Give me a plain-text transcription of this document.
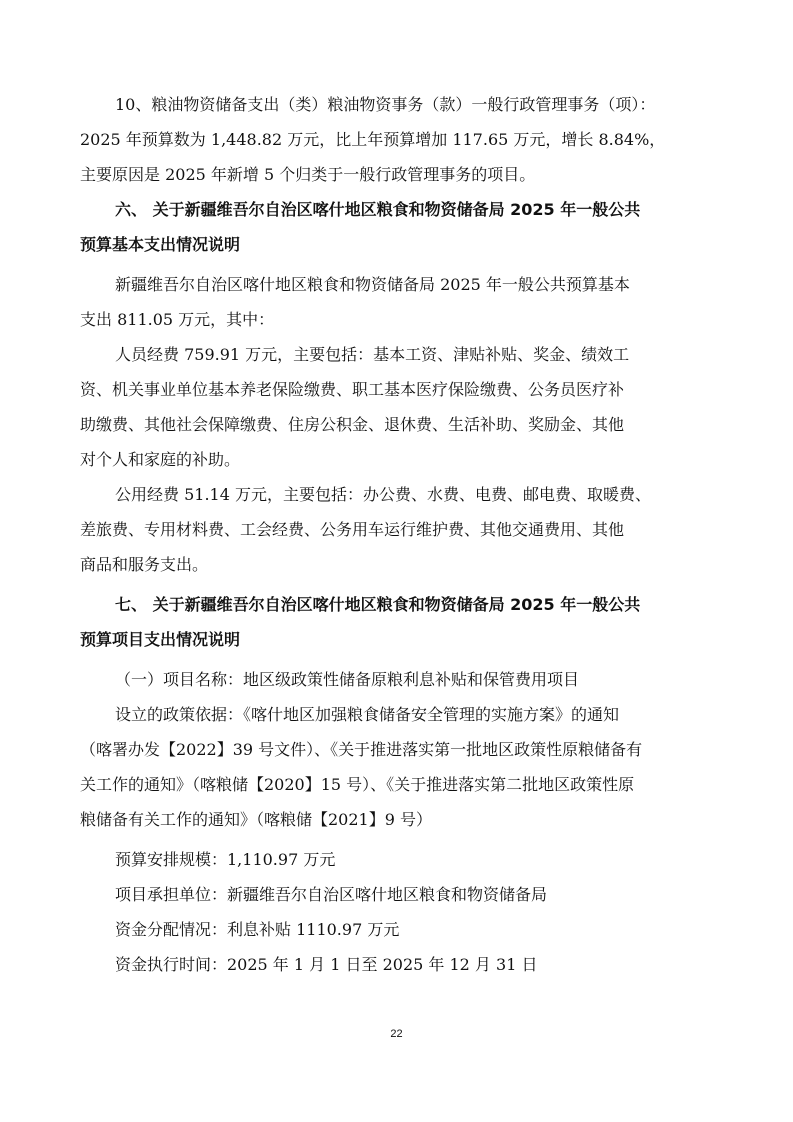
10、粮油物资储备支出（类）粮油物资事务（款）一般行政管理事务（项）：
2025 年预算数为 1,448.82 万元，比上年预算增加 117.65 万元，增长 8.84%，
主要原因是 2025 年新增 5 个归类于一般行政管理事务的项目。
六、 关于新疆维吾尔自治区喀什地区粮食和物资储备局 2025 年一般公共
预算基本支出情况说明
新疆维吾尔自治区喀什地区粮食和物资储备局 2025 年一般公共预算基本
支出 811.05 万元，其中：
人员经费 759.91 万元，主要包括：基本工资、津贴补贴、奖金、绩效工
资、机关事业单位基本养老保险缴费、职工基本医疗保险缴费、公务员医疗补
助缴费、其他社会保障缴费、住房公积金、退休费、生活补助、奖励金、其他
对个人和家庭的补助。
公用经费 51.14 万元，主要包括：办公费、水费、电费、邮电费、取暖费、
差旅费、专用材料费、工会经费、公务用车运行维护费、其他交通费用、其他
商品和服务支出。
七、 关于新疆维吾尔自治区喀什地区粮食和物资储备局 2025 年一般公共
预算项目支出情况说明
（一）项目名称：地区级政策性储备原粮利息补贴和保管费用项目
设立的政策依据：《喀什地区加强粮食储备安全管理的实施方案》的通知
（喀署办发【2022】39 号文件）、《关于推进落实第一批地区政策性原粮储备有
关工作的通知》（喀粮储【2020】15 号）、《关于推进落实第二批地区政策性原
粮储备有关工作的通知》（喀粮储【2021】9 号）
预算安排规模：1,110.97 万元
项目承担单位：新疆维吾尔自治区喀什地区粮食和物资储备局
资金分配情况：利息补贴 1110.97 万元
资金执行时间：2025 年 1 月 1 日至 2025 年 12 月 31 日
22
